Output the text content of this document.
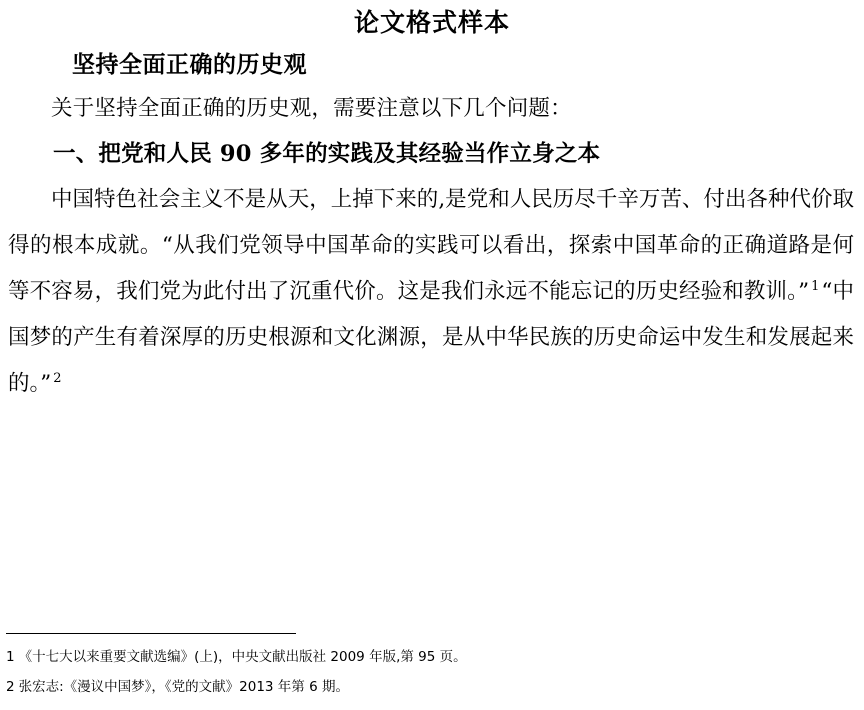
论文格式样本
坚持全面正确的历史观

关于坚持全面正确的历史观，需要注意以下几个问题：

一、把党和人民 90 多年的实践及其经验当作立身之本

中国特色社会主义不是从天，上掉下来的,是党和人民历尽千辛万苦、付出各种代价取得的根本成就。“从我们党领导中国革命的实践可以看出，探索中国革命的正确道路是何等不容易，我们党为此付出了沉重代价。这是我们永远不能忘记的历史经验和教训。” $^1$“中国梦的产生有着深厚的历史根源和文化渊源，是从中华民族的历史命运中发生和发展起来的。” $^2$

1 《十七大以来重要文献选编》(上)，中央文献出版社 2009 年版,第 95 页。

2 张宏志:《漫议中国梦》，《党的文献》2013 年第 6 期。
